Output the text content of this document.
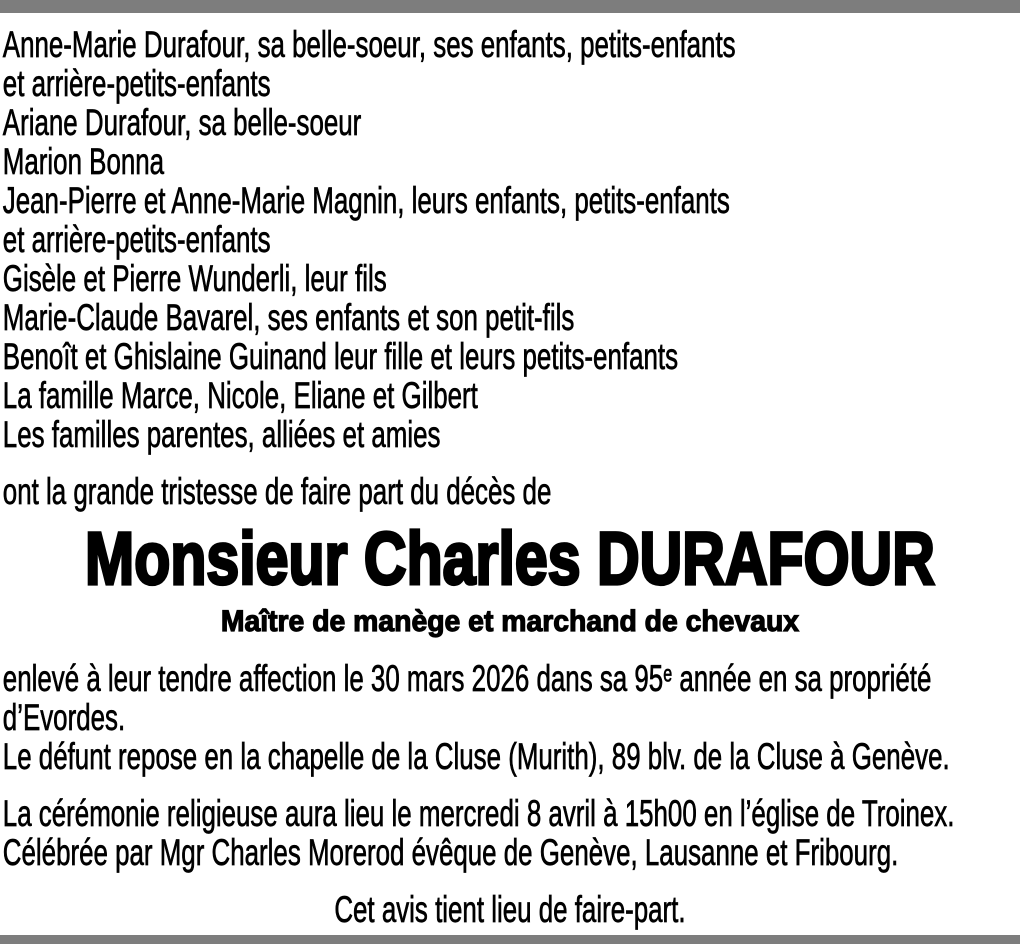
Anne-Marie Durafour, sa belle-soeur, ses enfants, petits-enfants
et arrière-petits-enfants
Ariane Durafour, sa belle-soeur
Marion Bonna
Jean-Pierre et Anne-Marie Magnin, leurs enfants, petits-enfants
et arrière-petits-enfants
Gisèle et Pierre Wunderli, leur fils
Marie-Claude Bavarel, ses enfants et son petit-fils
Benoît et Ghislaine Guinand leur fille et leurs petits-enfants
La famille Marce, Nicole, Eliane et Gilbert
Les familles parentes, alliées et amies
ont la grande tristesse de faire part du décès de
Monsieur Charles DURAFOUR
Maître de manège et marchand de chevaux
enlevé à leur tendre affection le 30 mars 2026 dans sa 95e année en sa propriété
d’Evordes.
Le défunt repose en la chapelle de la Cluse (Murith), 89 blv. de la Cluse à Genève.
La cérémonie religieuse aura lieu le mercredi 8 avril à 15h00 en l’église de Troinex.
Célébrée par Mgr Charles Morerod évêque de Genève, Lausanne et Fribourg.
Cet avis tient lieu de faire-part.
